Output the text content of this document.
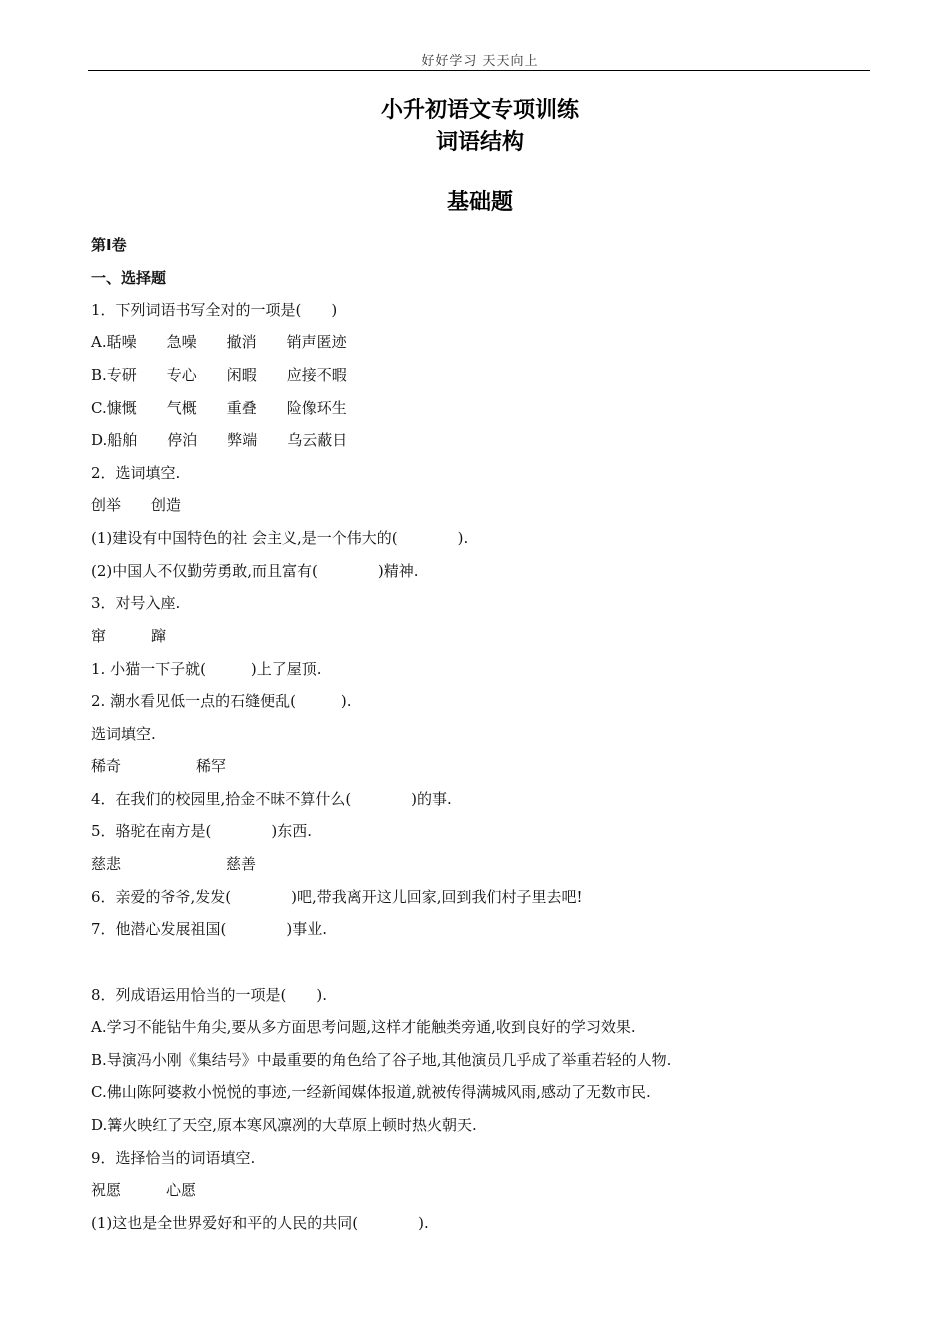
好好学习 天天向上
小升初语文专项训练
词语结构
基础题
第Ⅰ卷
一、选择题
1．下列词语书写全对的一项是(　　)
A.聒噪　　急噪　　撤消　　销声匿迹
B.专研　　专心　　闲暇　　应接不暇
C.慷慨　　气概　　重叠　　险像环生
D.船舶　　停泊　　弊端　　乌云蔽日
2．选词填空.
创举　　创造
(1)建设有中国特色的社 会主义,是一个伟大的(　　　　).
(2)中国人不仅勤劳勇敢,而且富有(　　　　)精神.
3．对号入座.
窜　　　蹿
1. 小猫一下子就(　　　)上了屋顶.
2. 潮水看见低一点的石缝便乱(　　　).
选词填空.
稀奇　　　　　稀罕
4．在我们的校园里,拾金不昧不算什么(　　　　)的事.
5．骆驼在南方是(　　　　)东西.
慈悲　　　　　　　慈善
6．亲爱的爷爷,发发(　　　　)吧,带我离开这儿回家,回到我们村子里去吧!
7．他潜心发展祖国(　　　　)事业.
8．列成语运用恰当的一项是(　　).
A.学习不能钻牛角尖,要从多方面思考问题,这样才能触类旁通,收到良好的学习效果.
B.导演冯小刚《集结号》中最重要的角色给了谷子地,其他演员几乎成了举重若轻的人物.
C.佛山陈阿婆救小悦悦的事迹,一经新闻媒体报道,就被传得满城风雨,感动了无数市民.
D.篝火映红了天空,原本寒风凛冽的大草原上顿时热火朝天.
9．选择恰当的词语填空.
祝愿　　　心愿
(1)这也是全世界爱好和平的人民的共同(　　　　).
